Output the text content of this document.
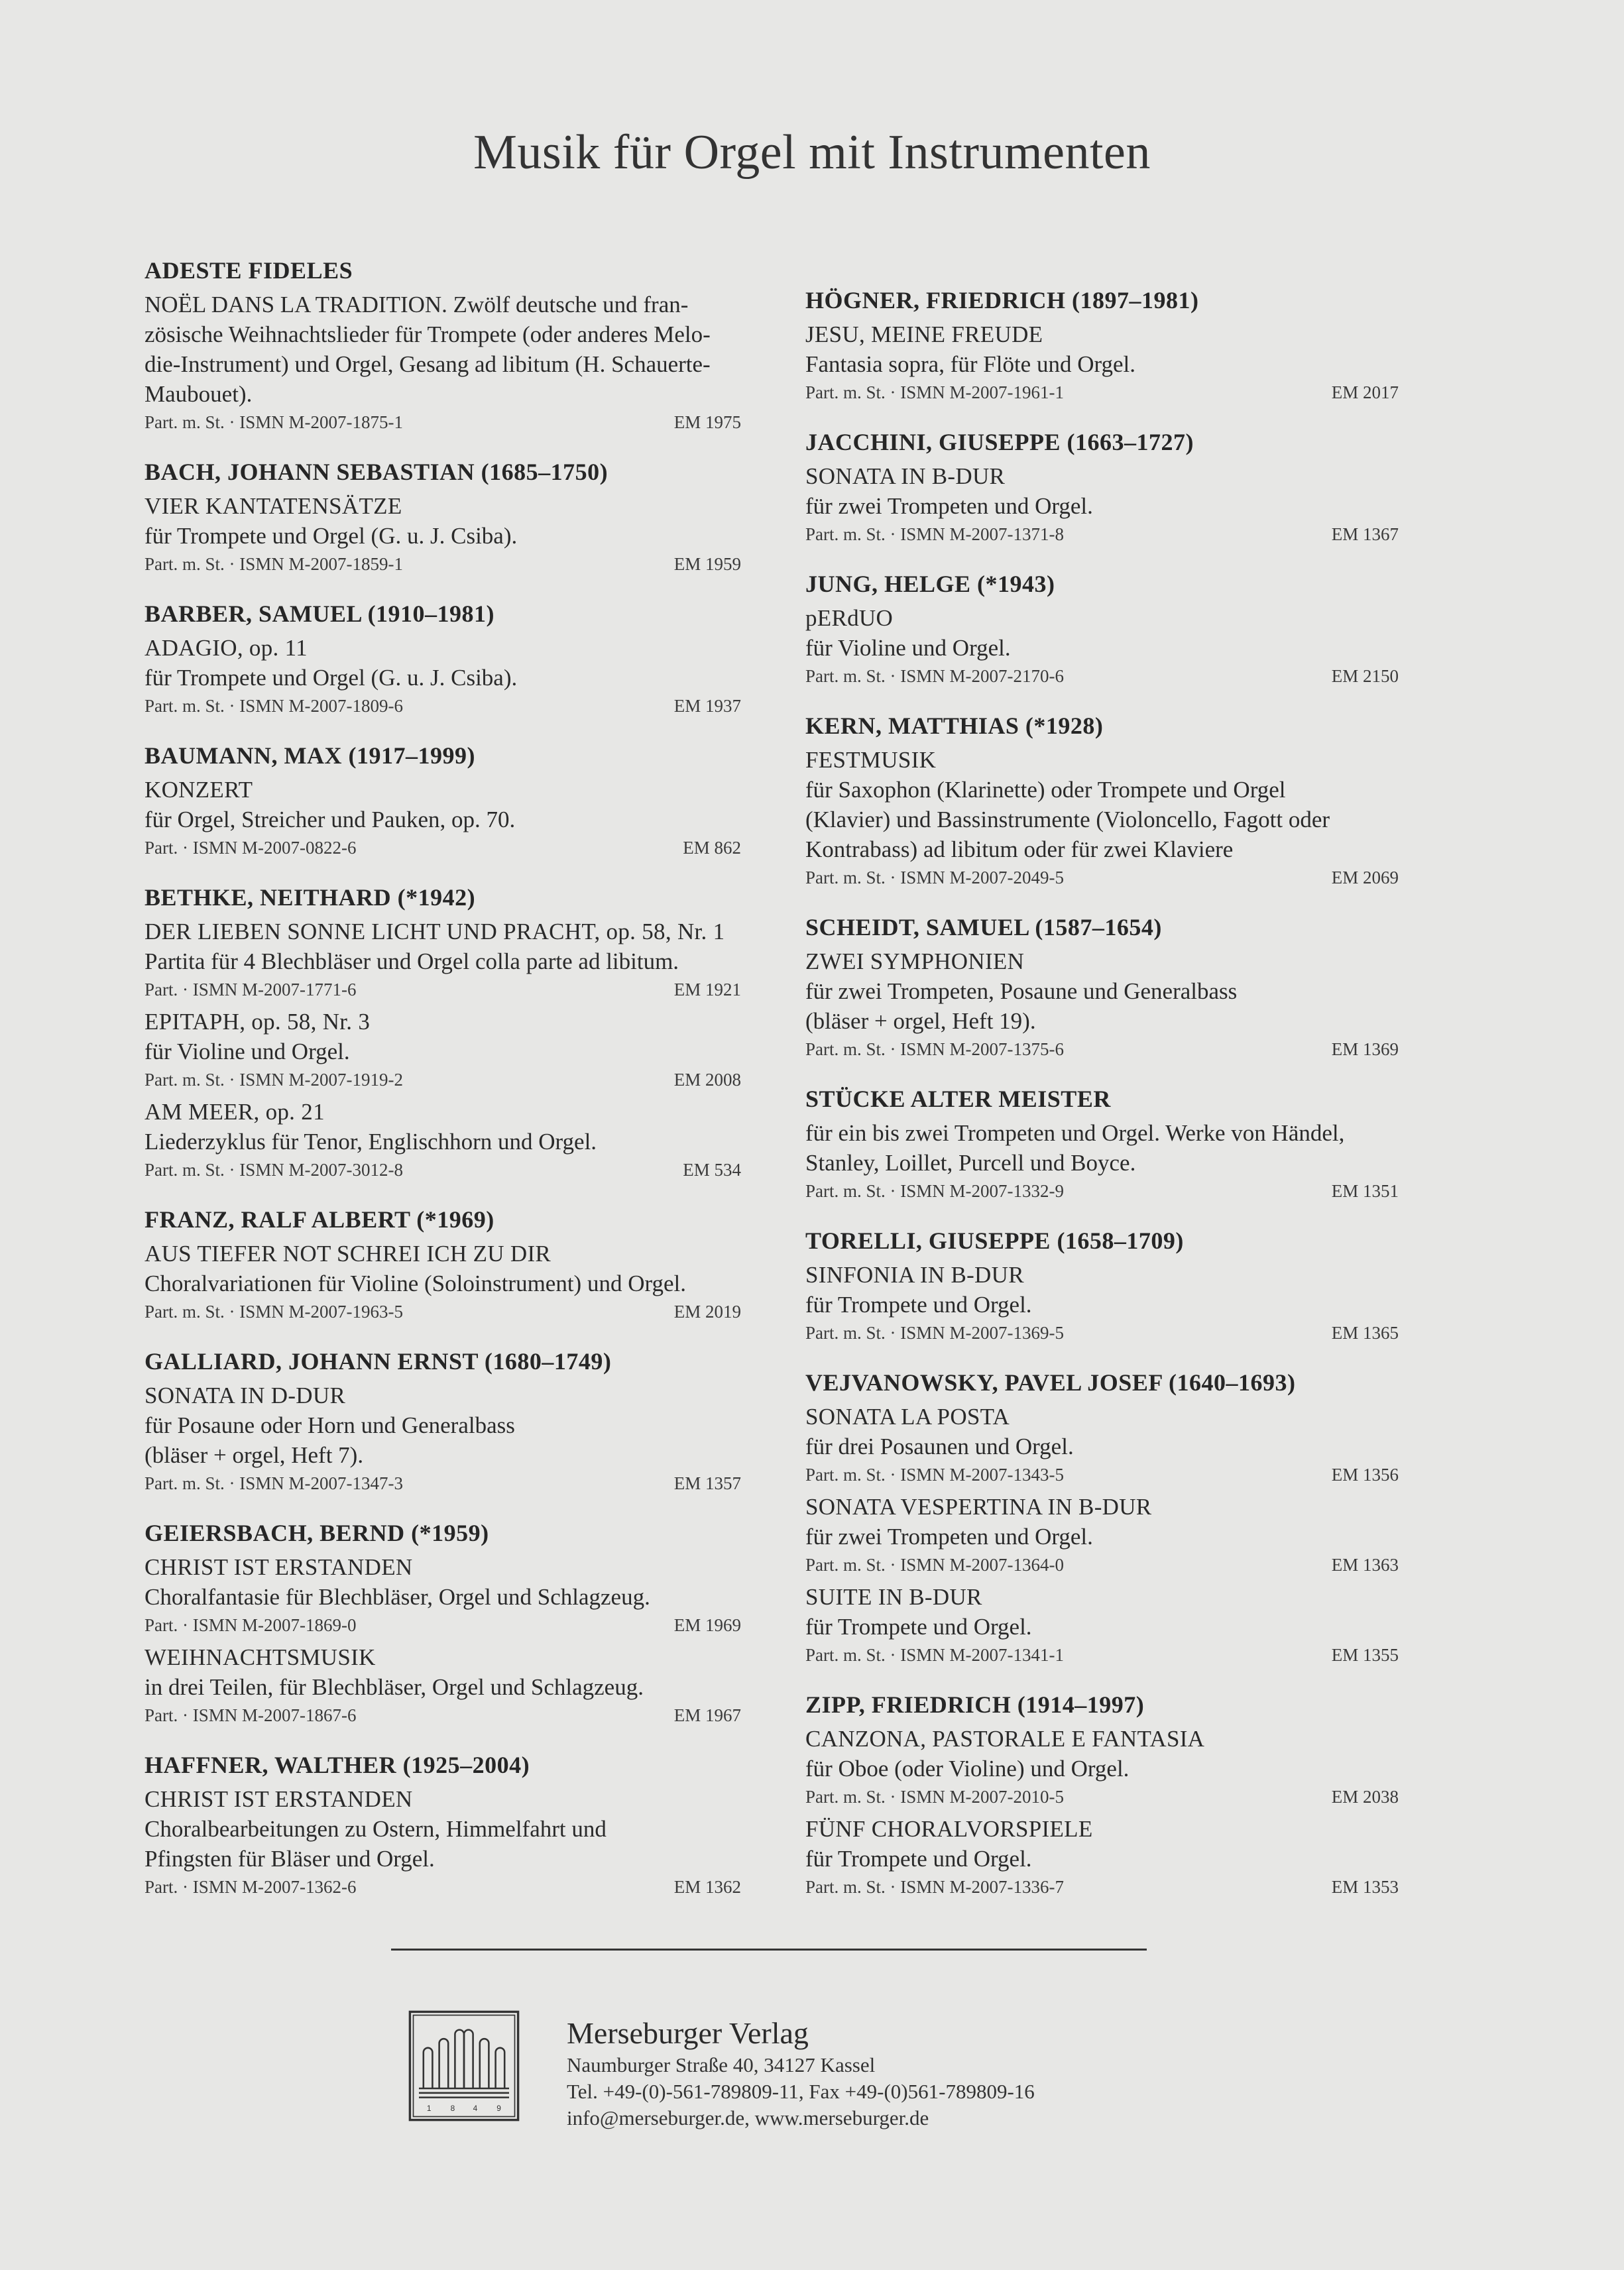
Musik für Orgel mit Instrumenten
ADESTE FIDELES
NOËL DANS LA TRADITION. Zwölf deutsche und fran-
zösische Weihnachtslieder für Trompete (oder anderes Melo-
die-Instrument) und Orgel, Gesang ad libitum (H. Schauerte-
Maubouet).
Part. m. St. · ISMN M-2007-1875-1	EM 1975
BACH, JOHANN SEBASTIAN (1685–1750)
VIER KANTATENSÄTZE
für Trompete und Orgel (G. u. J. Csiba).
Part. m. St. · ISMN M-2007-1859-1	EM 1959
BARBER, SAMUEL (1910–1981)
ADAGIO, op. 11
für Trompete und Orgel (G. u. J. Csiba).
Part. m. St. · ISMN M-2007-1809-6	EM 1937
BAUMANN, MAX (1917–1999)
KONZERT
für Orgel, Streicher und Pauken, op. 70.
Part. · ISMN M-2007-0822-6	EM 862
BETHKE, NEITHARD (*1942)
DER LIEBEN SONNE LICHT UND PRACHT, op. 58, Nr. 1
Partita für 4 Blechbläser und Orgel colla parte ad libitum.
Part. · ISMN M-2007-1771-6	EM 1921
EPITAPH, op. 58, Nr. 3
für Violine und Orgel.
Part. m. St. · ISMN M-2007-1919-2	EM 2008
AM MEER, op. 21
Liederzyklus für Tenor, Englischhorn und Orgel.
Part. m. St. · ISMN M-2007-3012-8	EM 534
FRANZ, RALF ALBERT (*1969)
AUS TIEFER NOT SCHREI ICH ZU DIR
Choralvariationen für Violine (Soloinstrument) und Orgel.
Part. m. St. · ISMN M-2007-1963-5	EM 2019
GALLIARD, JOHANN ERNST (1680–1749)
SONATA IN D-DUR
für Posaune oder Horn und Generalbass
(bläser + orgel, Heft 7).
Part. m. St. · ISMN M-2007-1347-3	EM 1357
GEIERSBACH, BERND (*1959)
CHRIST IST ERSTANDEN
Choralfantasie für Blechbläser, Orgel und Schlagzeug.
Part. · ISMN M-2007-1869-0	EM 1969
WEIHNACHTSMUSIK
in drei Teilen, für Blechbläser, Orgel und Schlagzeug.
Part. · ISMN M-2007-1867-6	EM 1967
HAFFNER, WALTHER (1925–2004)
CHRIST IST ERSTANDEN
Choralbearbeitungen zu Ostern, Himmelfahrt und
Pfingsten für Bläser und Orgel.
Part. · ISMN M-2007-1362-6	EM 1362
HÖGNER, FRIEDRICH (1897–1981)
JESU, MEINE FREUDE
Fantasia sopra, für Flöte und Orgel.
Part. m. St. · ISMN M-2007-1961-1	EM 2017
JACCHINI, GIUSEPPE (1663–1727)
SONATA IN B-DUR
für zwei Trompeten und Orgel.
Part. m. St. · ISMN M-2007-1371-8	EM 1367
JUNG, HELGE (*1943)
pERdUO
für Violine und Orgel.
Part. m. St. · ISMN M-2007-2170-6	EM 2150
KERN, MATTHIAS (*1928)
FESTMUSIK
für Saxophon (Klarinette) oder Trompete und Orgel
(Klavier) und Bassinstrumente (Violoncello, Fagott oder
Kontrabass) ad libitum oder für zwei Klaviere
Part. m. St. · ISMN M-2007-2049-5	EM 2069
SCHEIDT, SAMUEL (1587–1654)
ZWEI SYMPHONIEN
für zwei Trompeten, Posaune und Generalbass
(bläser + orgel, Heft 19).
Part. m. St. · ISMN M-2007-1375-6	EM 1369
STÜCKE ALTER MEISTER
für ein bis zwei Trompeten und Orgel. Werke von Händel,
Stanley, Loillet, Purcell und Boyce.
Part. m. St. · ISMN M-2007-1332-9	EM 1351
TORELLI, GIUSEPPE (1658–1709)
SINFONIA IN B-DUR
für Trompete und Orgel.
Part. m. St. · ISMN M-2007-1369-5	EM 1365
VEJVANOWSKY, PAVEL JOSEF (1640–1693)
SONATA LA POSTA
für drei Posaunen und Orgel.
Part. m. St. · ISMN M-2007-1343-5	EM 1356
SONATA VESPERTINA IN B-DUR
für zwei Trompeten und Orgel.
Part. m. St. · ISMN M-2007-1364-0	EM 1363
SUITE IN B-DUR
für Trompete und Orgel.
Part. m. St. · ISMN M-2007-1341-1	EM 1355
ZIPP, FRIEDRICH (1914–1997)
CANZONA, PASTORALE E FANTASIA
für Oboe (oder Violine) und Orgel.
Part. m. St. · ISMN M-2007-2010-5	EM 2038
FÜNF CHORALVORSPIELE
für Trompete und Orgel.
Part. m. St. · ISMN M-2007-1336-7	EM 1353
1	8	4	9
Merseburger Verlag
Naumburger Straße 40, 34127 Kassel
Tel. +49-(0)-561-789809-11, Fax +49-(0)561-789809-16
info@merseburger.de, www.merseburger.de
